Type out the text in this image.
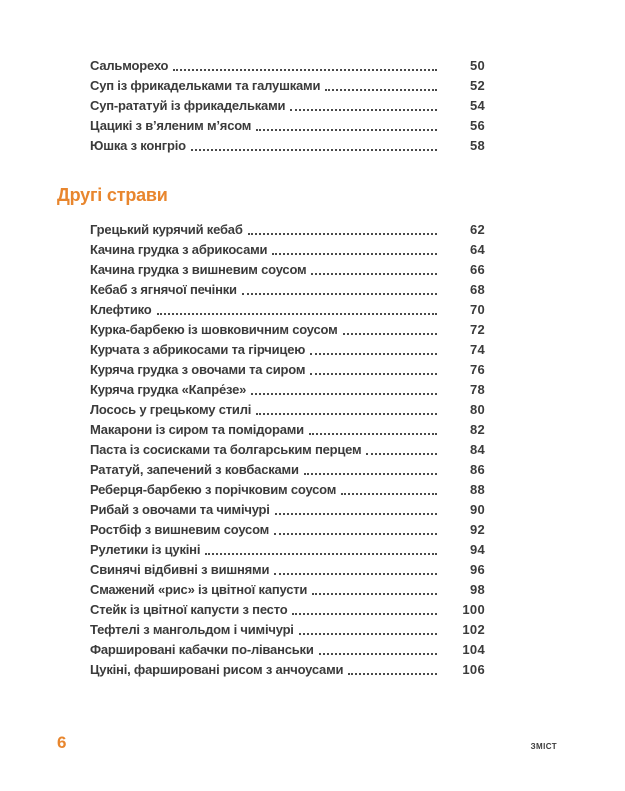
Сальморехо	50
Суп із фрикадельками та галушками	52
Суп-рататуй із фрикадельками	54
Цацикі з в’яленим м’ясом	56
Юшка з конгріо	58
Другі страви
Грецький курячий кебаб	62
Качина грудка з абрикосами	64
Качина грудка з вишневим соусом	66
Кебаб з ягнячої печінки	68
Клефтико	70
Курка-барбекю із шовковичним соусом	72
Курчата з абрикосами та гірчицею	74
Куряча грудка з овочами та сиром	76
Куряча грудка «Капре́зе»	78
Лосось у грецькому стилі	80
Макарони із сиром та помідорами	82
Паста із сосисками та болгарським перцем	84
Рататуй, запечений з ковбасками	86
Реберця-барбекю з порічковим соусом	88
Рибай з овочами та чимічурі	90
Ростбіф з вишневим соусом	92
Рулетики із цукіні	94
Свинячі відбивні з вишнями	96
Смажений «рис» із цвітної капусти	98
Стейк із цвітної капусти з песто	100
Тефтелі з мангольдом і чимічурі	102
Фаршировані кабачки по-ліванськи	104
Цукіні, фаршировані рисом з анчоусами	106
6	Зміст
